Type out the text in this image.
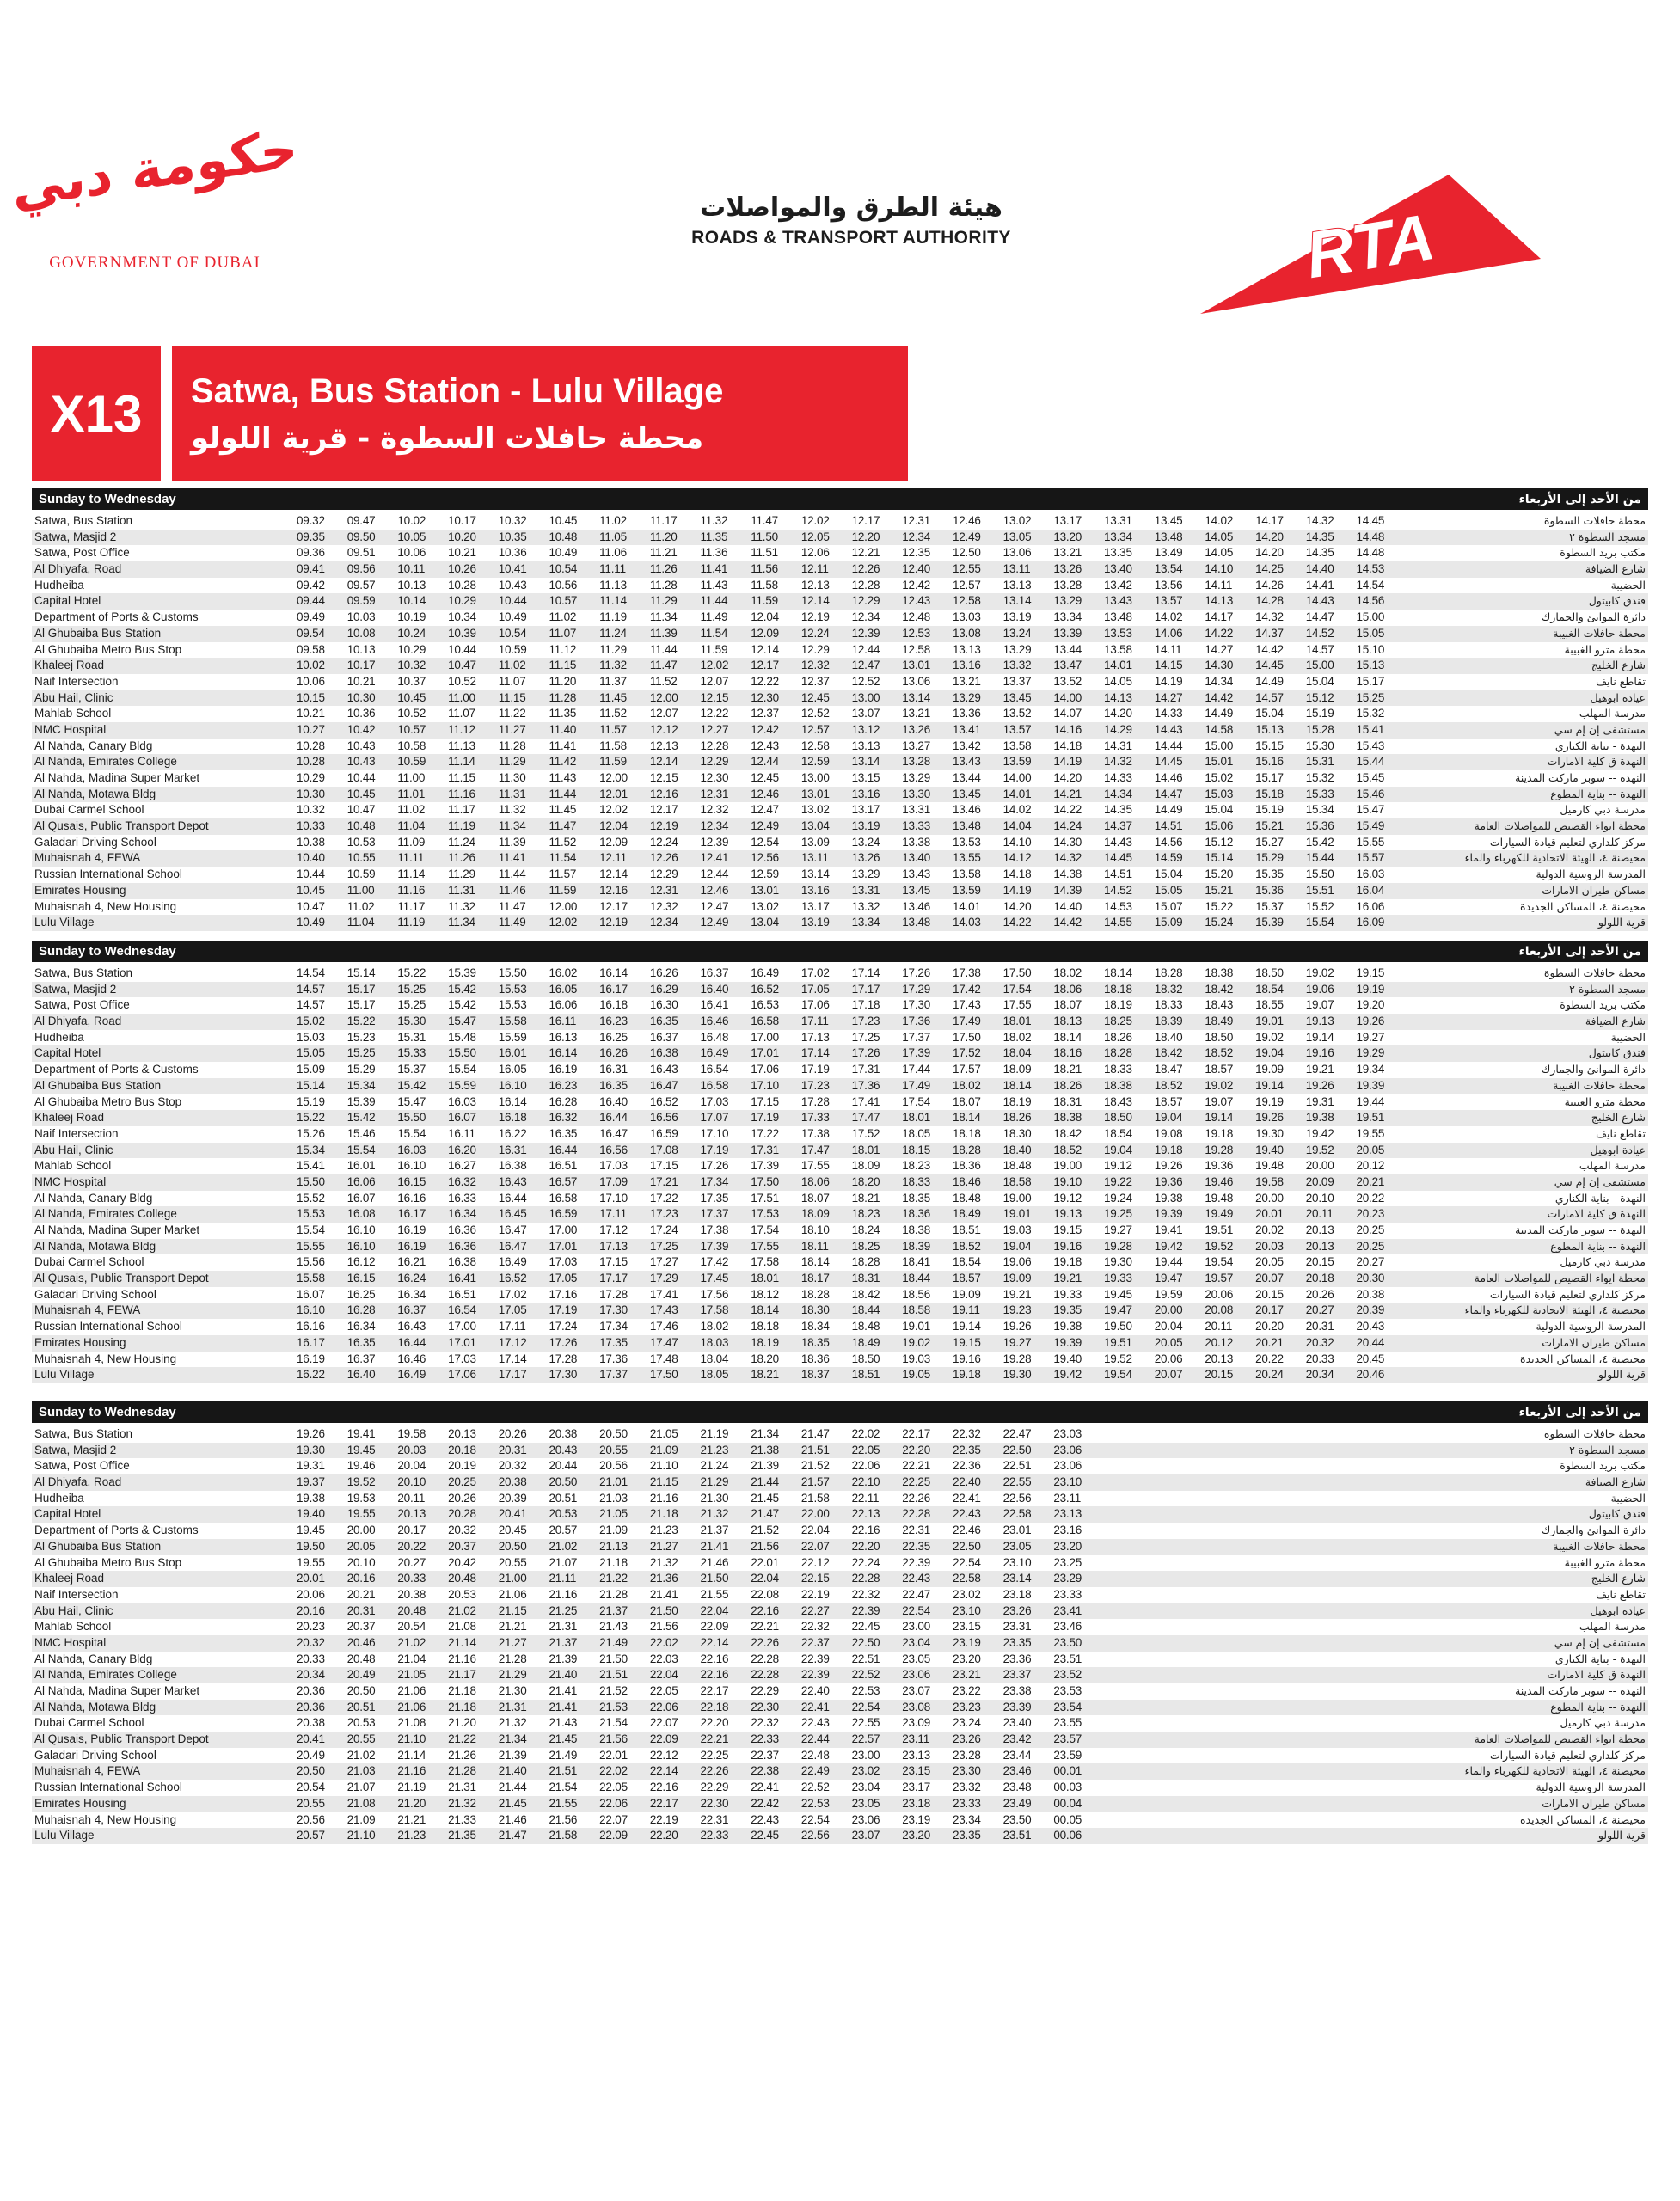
حكومة دبي
GOVERNMENT OF DUBAI
هيئة الطرق والمواصلات
ROADS & TRANSPORT AUTHORITY	RTA
X13	Satwa, Bus Station - Lulu Village
محطة حافلات السطوة - قرية اللولو
Sunday to Wednesday	من الأحد إلى الأربعاء
Satwa, Bus Station	09.32	09.47	10.02	10.17	10.32	10.45	11.02	11.17	11.32	11.47	12.02	12.17	12.31	12.46	13.02	13.17	13.31	13.45	14.02	14.17	14.32	14.45	محطة حافلات السطوة
Satwa, Masjid 2	09.35	09.50	10.05	10.20	10.35	10.48	11.05	11.20	11.35	11.50	12.05	12.20	12.34	12.49	13.05	13.20	13.34	13.48	14.05	14.20	14.35	14.48	مسجد السطوة ٢
Satwa, Post Office	09.36	09.51	10.06	10.21	10.36	10.49	11.06	11.21	11.36	11.51	12.06	12.21	12.35	12.50	13.06	13.21	13.35	13.49	14.05	14.20	14.35	14.48	مكتب بريد السطوة
Al Dhiyafa, Road	09.41	09.56	10.11	10.26	10.41	10.54	11.11	11.26	11.41	11.56	12.11	12.26	12.40	12.55	13.11	13.26	13.40	13.54	14.10	14.25	14.40	14.53	شارع الضيافة
Hudheiba	09.42	09.57	10.13	10.28	10.43	10.56	11.13	11.28	11.43	11.58	12.13	12.28	12.42	12.57	13.13	13.28	13.42	13.56	14.11	14.26	14.41	14.54	الحضيبة
Capital Hotel	09.44	09.59	10.14	10.29	10.44	10.57	11.14	11.29	11.44	11.59	12.14	12.29	12.43	12.58	13.14	13.29	13.43	13.57	14.13	14.28	14.43	14.56	فندق كابيتول
Department of Ports & Customs	09.49	10.03	10.19	10.34	10.49	11.02	11.19	11.34	11.49	12.04	12.19	12.34	12.48	13.03	13.19	13.34	13.48	14.02	14.17	14.32	14.47	15.00	دائرة الموانئ والجمارك
Al Ghubaiba Bus Station	09.54	10.08	10.24	10.39	10.54	11.07	11.24	11.39	11.54	12.09	12.24	12.39	12.53	13.08	13.24	13.39	13.53	14.06	14.22	14.37	14.52	15.05	محطة حافلات الغبيبة
Al Ghubaiba Metro Bus Stop	09.58	10.13	10.29	10.44	10.59	11.12	11.29	11.44	11.59	12.14	12.29	12.44	12.58	13.13	13.29	13.44	13.58	14.11	14.27	14.42	14.57	15.10	محطة مترو الغبيبة
Khaleej Road	10.02	10.17	10.32	10.47	11.02	11.15	11.32	11.47	12.02	12.17	12.32	12.47	13.01	13.16	13.32	13.47	14.01	14.15	14.30	14.45	15.00	15.13	شارع الخليج
Naif Intersection	10.06	10.21	10.37	10.52	11.07	11.20	11.37	11.52	12.07	12.22	12.37	12.52	13.06	13.21	13.37	13.52	14.05	14.19	14.34	14.49	15.04	15.17	تقاطع نايف
Abu Hail, Clinic	10.15	10.30	10.45	11.00	11.15	11.28	11.45	12.00	12.15	12.30	12.45	13.00	13.14	13.29	13.45	14.00	14.13	14.27	14.42	14.57	15.12	15.25	عيادة ابوهيل
Mahlab School	10.21	10.36	10.52	11.07	11.22	11.35	11.52	12.07	12.22	12.37	12.52	13.07	13.21	13.36	13.52	14.07	14.20	14.33	14.49	15.04	15.19	15.32	مدرسة المهلب
NMC Hospital	10.27	10.42	10.57	11.12	11.27	11.40	11.57	12.12	12.27	12.42	12.57	13.12	13.26	13.41	13.57	14.16	14.29	14.43	14.58	15.13	15.28	15.41	مستشفى إن إم سي
Al Nahda, Canary Bldg	10.28	10.43	10.58	11.13	11.28	11.41	11.58	12.13	12.28	12.43	12.58	13.13	13.27	13.42	13.58	14.18	14.31	14.44	15.00	15.15	15.30	15.43	النهدة - بناية الكناري
Al Nahda, Emirates College	10.28	10.43	10.59	11.14	11.29	11.42	11.59	12.14	12.29	12.44	12.59	13.14	13.28	13.43	13.59	14.19	14.32	14.45	15.01	15.16	15.31	15.44	النهدة ق كلية الامارات
Al Nahda, Madina Super Market	10.29	10.44	11.00	11.15	11.30	11.43	12.00	12.15	12.30	12.45	13.00	13.15	13.29	13.44	14.00	14.20	14.33	14.46	15.02	15.17	15.32	15.45	النهدة -- سوبر ماركت المدينة
Al Nahda, Motawa Bldg	10.30	10.45	11.01	11.16	11.31	11.44	12.01	12.16	12.31	12.46	13.01	13.16	13.30	13.45	14.01	14.21	14.34	14.47	15.03	15.18	15.33	15.46	النهدة -- بناية المطوع
Dubai Carmel School	10.32	10.47	11.02	11.17	11.32	11.45	12.02	12.17	12.32	12.47	13.02	13.17	13.31	13.46	14.02	14.22	14.35	14.49	15.04	15.19	15.34	15.47	مدرسة دبي كارميل
Al Qusais, Public Transport Depot	10.33	10.48	11.04	11.19	11.34	11.47	12.04	12.19	12.34	12.49	13.04	13.19	13.33	13.48	14.04	14.24	14.37	14.51	15.06	15.21	15.36	15.49	محطة ايواء القصيص للمواصلات العامة
Galadari Driving School	10.38	10.53	11.09	11.24	11.39	11.52	12.09	12.24	12.39	12.54	13.09	13.24	13.38	13.53	14.10	14.30	14.43	14.56	15.12	15.27	15.42	15.55	مركز كلداري لتعليم قيادة السيارات
Muhaisnah 4, FEWA	10.40	10.55	11.11	11.26	11.41	11.54	12.11	12.26	12.41	12.56	13.11	13.26	13.40	13.55	14.12	14.32	14.45	14.59	15.14	15.29	15.44	15.57	محيصنة ٤، الهيئة الاتحادية للكهرباء والماء
Russian International School	10.44	10.59	11.14	11.29	11.44	11.57	12.14	12.29	12.44	12.59	13.14	13.29	13.43	13.58	14.18	14.38	14.51	15.04	15.20	15.35	15.50	16.03	المدرسة الروسية الدولية
Emirates Housing	10.45	11.00	11.16	11.31	11.46	11.59	12.16	12.31	12.46	13.01	13.16	13.31	13.45	13.59	14.19	14.39	14.52	15.05	15.21	15.36	15.51	16.04	مساكن طيران الامارات
Muhaisnah 4, New Housing	10.47	11.02	11.17	11.32	11.47	12.00	12.17	12.32	12.47	13.02	13.17	13.32	13.46	14.01	14.20	14.40	14.53	15.07	15.22	15.37	15.52	16.06	محيصنة ٤، المساكن الجديدة
Lulu Village	10.49	11.04	11.19	11.34	11.49	12.02	12.19	12.34	12.49	13.04	13.19	13.34	13.48	14.03	14.22	14.42	14.55	15.09	15.24	15.39	15.54	16.09	قرية اللولو
Sunday to Wednesday	من الأحد إلى الأربعاء
Satwa, Bus Station	14.54	15.14	15.22	15.39	15.50	16.02	16.14	16.26	16.37	16.49	17.02	17.14	17.26	17.38	17.50	18.02	18.14	18.28	18.38	18.50	19.02	19.15	محطة حافلات السطوة
Satwa, Masjid 2	14.57	15.17	15.25	15.42	15.53	16.05	16.17	16.29	16.40	16.52	17.05	17.17	17.29	17.42	17.54	18.06	18.18	18.32	18.42	18.54	19.06	19.19	مسجد السطوة ٢
Satwa, Post Office	14.57	15.17	15.25	15.42	15.53	16.06	16.18	16.30	16.41	16.53	17.06	17.18	17.30	17.43	17.55	18.07	18.19	18.33	18.43	18.55	19.07	19.20	مكتب بريد السطوة
Al Dhiyafa, Road	15.02	15.22	15.30	15.47	15.58	16.11	16.23	16.35	16.46	16.58	17.11	17.23	17.36	17.49	18.01	18.13	18.25	18.39	18.49	19.01	19.13	19.26	شارع الضيافة
Hudheiba	15.03	15.23	15.31	15.48	15.59	16.13	16.25	16.37	16.48	17.00	17.13	17.25	17.37	17.50	18.02	18.14	18.26	18.40	18.50	19.02	19.14	19.27	الحضيبة
Capital Hotel	15.05	15.25	15.33	15.50	16.01	16.14	16.26	16.38	16.49	17.01	17.14	17.26	17.39	17.52	18.04	18.16	18.28	18.42	18.52	19.04	19.16	19.29	فندق كابيتول
Department of Ports & Customs	15.09	15.29	15.37	15.54	16.05	16.19	16.31	16.43	16.54	17.06	17.19	17.31	17.44	17.57	18.09	18.21	18.33	18.47	18.57	19.09	19.21	19.34	دائرة الموانئ والجمارك
Al Ghubaiba Bus Station	15.14	15.34	15.42	15.59	16.10	16.23	16.35	16.47	16.58	17.10	17.23	17.36	17.49	18.02	18.14	18.26	18.38	18.52	19.02	19.14	19.26	19.39	محطة حافلات الغبيبة
Al Ghubaiba Metro Bus Stop	15.19	15.39	15.47	16.03	16.14	16.28	16.40	16.52	17.03	17.15	17.28	17.41	17.54	18.07	18.19	18.31	18.43	18.57	19.07	19.19	19.31	19.44	محطة مترو الغبيبة
Khaleej Road	15.22	15.42	15.50	16.07	16.18	16.32	16.44	16.56	17.07	17.19	17.33	17.47	18.01	18.14	18.26	18.38	18.50	19.04	19.14	19.26	19.38	19.51	شارع الخليج
Naif Intersection	15.26	15.46	15.54	16.11	16.22	16.35	16.47	16.59	17.10	17.22	17.38	17.52	18.05	18.18	18.30	18.42	18.54	19.08	19.18	19.30	19.42	19.55	تقاطع نايف
Abu Hail, Clinic	15.34	15.54	16.03	16.20	16.31	16.44	16.56	17.08	17.19	17.31	17.47	18.01	18.15	18.28	18.40	18.52	19.04	19.18	19.28	19.40	19.52	20.05	عيادة ابوهيل
Mahlab School	15.41	16.01	16.10	16.27	16.38	16.51	17.03	17.15	17.26	17.39	17.55	18.09	18.23	18.36	18.48	19.00	19.12	19.26	19.36	19.48	20.00	20.12	مدرسة المهلب
NMC Hospital	15.50	16.06	16.15	16.32	16.43	16.57	17.09	17.21	17.34	17.50	18.06	18.20	18.33	18.46	18.58	19.10	19.22	19.36	19.46	19.58	20.09	20.21	مستشفى إن إم سي
Al Nahda, Canary Bldg	15.52	16.07	16.16	16.33	16.44	16.58	17.10	17.22	17.35	17.51	18.07	18.21	18.35	18.48	19.00	19.12	19.24	19.38	19.48	20.00	20.10	20.22	النهدة - بناية الكناري
Al Nahda, Emirates College	15.53	16.08	16.17	16.34	16.45	16.59	17.11	17.23	17.37	17.53	18.09	18.23	18.36	18.49	19.01	19.13	19.25	19.39	19.49	20.01	20.11	20.23	النهدة ق كلية الامارات
Al Nahda, Madina Super Market	15.54	16.10	16.19	16.36	16.47	17.00	17.12	17.24	17.38	17.54	18.10	18.24	18.38	18.51	19.03	19.15	19.27	19.41	19.51	20.02	20.13	20.25	النهدة -- سوبر ماركت المدينة
Al Nahda, Motawa Bldg	15.55	16.10	16.19	16.36	16.47	17.01	17.13	17.25	17.39	17.55	18.11	18.25	18.39	18.52	19.04	19.16	19.28	19.42	19.52	20.03	20.13	20.25	النهدة -- بناية المطوع
Dubai Carmel School	15.56	16.12	16.21	16.38	16.49	17.03	17.15	17.27	17.42	17.58	18.14	18.28	18.41	18.54	19.06	19.18	19.30	19.44	19.54	20.05	20.15	20.27	مدرسة دبي كارميل
Al Qusais, Public Transport Depot	15.58	16.15	16.24	16.41	16.52	17.05	17.17	17.29	17.45	18.01	18.17	18.31	18.44	18.57	19.09	19.21	19.33	19.47	19.57	20.07	20.18	20.30	محطة ايواء القصيص للمواصلات العامة
Galadari Driving School	16.07	16.25	16.34	16.51	17.02	17.16	17.28	17.41	17.56	18.12	18.28	18.42	18.56	19.09	19.21	19.33	19.45	19.59	20.06	20.15	20.26	20.38	مركز كلداري لتعليم قيادة السيارات
Muhaisnah 4, FEWA	16.10	16.28	16.37	16.54	17.05	17.19	17.30	17.43	17.58	18.14	18.30	18.44	18.58	19.11	19.23	19.35	19.47	20.00	20.08	20.17	20.27	20.39	محيصنة ٤، الهيئة الاتحادية للكهرباء والماء
Russian International School	16.16	16.34	16.43	17.00	17.11	17.24	17.34	17.46	18.02	18.18	18.34	18.48	19.01	19.14	19.26	19.38	19.50	20.04	20.11	20.20	20.31	20.43	المدرسة الروسية الدولية
Emirates Housing	16.17	16.35	16.44	17.01	17.12	17.26	17.35	17.47	18.03	18.19	18.35	18.49	19.02	19.15	19.27	19.39	19.51	20.05	20.12	20.21	20.32	20.44	مساكن طيران الامارات
Muhaisnah 4, New Housing	16.19	16.37	16.46	17.03	17.14	17.28	17.36	17.48	18.04	18.20	18.36	18.50	19.03	19.16	19.28	19.40	19.52	20.06	20.13	20.22	20.33	20.45	محيصنة ٤، المساكن الجديدة
Lulu Village	16.22	16.40	16.49	17.06	17.17	17.30	17.37	17.50	18.05	18.21	18.37	18.51	19.05	19.18	19.30	19.42	19.54	20.07	20.15	20.24	20.34	20.46	قرية اللولو
Sunday to Wednesday	من الأحد إلى الأربعاء
Satwa, Bus Station	19.26	19.41	19.58	20.13	20.26	20.38	20.50	21.05	21.19	21.34	21.47	22.02	22.17	22.32	22.47	23.03	محطة حافلات السطوة
Satwa, Masjid 2	19.30	19.45	20.03	20.18	20.31	20.43	20.55	21.09	21.23	21.38	21.51	22.05	22.20	22.35	22.50	23.06	مسجد السطوة ٢
Satwa, Post Office	19.31	19.46	20.04	20.19	20.32	20.44	20.56	21.10	21.24	21.39	21.52	22.06	22.21	22.36	22.51	23.06	مكتب بريد السطوة
Al Dhiyafa, Road	19.37	19.52	20.10	20.25	20.38	20.50	21.01	21.15	21.29	21.44	21.57	22.10	22.25	22.40	22.55	23.10	شارع الضيافة
Hudheiba	19.38	19.53	20.11	20.26	20.39	20.51	21.03	21.16	21.30	21.45	21.58	22.11	22.26	22.41	22.56	23.11	الحضيبة
Capital Hotel	19.40	19.55	20.13	20.28	20.41	20.53	21.05	21.18	21.32	21.47	22.00	22.13	22.28	22.43	22.58	23.13	فندق كابيتول
Department of Ports & Customs	19.45	20.00	20.17	20.32	20.45	20.57	21.09	21.23	21.37	21.52	22.04	22.16	22.31	22.46	23.01	23.16	دائرة الموانئ والجمارك
Al Ghubaiba Bus Station	19.50	20.05	20.22	20.37	20.50	21.02	21.13	21.27	21.41	21.56	22.07	22.20	22.35	22.50	23.05	23.20	محطة حافلات الغبيبة
Al Ghubaiba Metro Bus Stop	19.55	20.10	20.27	20.42	20.55	21.07	21.18	21.32	21.46	22.01	22.12	22.24	22.39	22.54	23.10	23.25	محطة مترو الغبيبة
Khaleej Road	20.01	20.16	20.33	20.48	21.00	21.11	21.22	21.36	21.50	22.04	22.15	22.28	22.43	22.58	23.14	23.29	شارع الخليج
Naif Intersection	20.06	20.21	20.38	20.53	21.06	21.16	21.28	21.41	21.55	22.08	22.19	22.32	22.47	23.02	23.18	23.33	تقاطع نايف
Abu Hail, Clinic	20.16	20.31	20.48	21.02	21.15	21.25	21.37	21.50	22.04	22.16	22.27	22.39	22.54	23.10	23.26	23.41	عيادة ابوهيل
Mahlab School	20.23	20.37	20.54	21.08	21.21	21.31	21.43	21.56	22.09	22.21	22.32	22.45	23.00	23.15	23.31	23.46	مدرسة المهلب
NMC Hospital	20.32	20.46	21.02	21.14	21.27	21.37	21.49	22.02	22.14	22.26	22.37	22.50	23.04	23.19	23.35	23.50	مستشفى إن إم سي
Al Nahda, Canary Bldg	20.33	20.48	21.04	21.16	21.28	21.39	21.50	22.03	22.16	22.28	22.39	22.51	23.05	23.20	23.36	23.51	النهدة - بناية الكناري
Al Nahda, Emirates College	20.34	20.49	21.05	21.17	21.29	21.40	21.51	22.04	22.16	22.28	22.39	22.52	23.06	23.21	23.37	23.52	النهدة ق كلية الامارات
Al Nahda, Madina Super Market	20.36	20.50	21.06	21.18	21.30	21.41	21.52	22.05	22.17	22.29	22.40	22.53	23.07	23.22	23.38	23.53	النهدة -- سوبر ماركت المدينة
Al Nahda, Motawa Bldg	20.36	20.51	21.06	21.18	21.31	21.41	21.53	22.06	22.18	22.30	22.41	22.54	23.08	23.23	23.39	23.54	النهدة -- بناية المطوع
Dubai Carmel School	20.38	20.53	21.08	21.20	21.32	21.43	21.54	22.07	22.20	22.32	22.43	22.55	23.09	23.24	23.40	23.55	مدرسة دبي كارميل
Al Qusais, Public Transport Depot	20.41	20.55	21.10	21.22	21.34	21.45	21.56	22.09	22.21	22.33	22.44	22.57	23.11	23.26	23.42	23.57	محطة ايواء القصيص للمواصلات العامة
Galadari Driving School	20.49	21.02	21.14	21.26	21.39	21.49	22.01	22.12	22.25	22.37	22.48	23.00	23.13	23.28	23.44	23.59	مركز كلداري لتعليم قيادة السيارات
Muhaisnah 4, FEWA	20.50	21.03	21.16	21.28	21.40	21.51	22.02	22.14	22.26	22.38	22.49	23.02	23.15	23.30	23.46	00.01	محيصنة ٤، الهيئة الاتحادية للكهرباء والماء
Russian International School	20.54	21.07	21.19	21.31	21.44	21.54	22.05	22.16	22.29	22.41	22.52	23.04	23.17	23.32	23.48	00.03	المدرسة الروسية الدولية
Emirates Housing	20.55	21.08	21.20	21.32	21.45	21.55	22.06	22.17	22.30	22.42	22.53	23.05	23.18	23.33	23.49	00.04	مساكن طيران الامارات
Muhaisnah 4, New Housing	20.56	21.09	21.21	21.33	21.46	21.56	22.07	22.19	22.31	22.43	22.54	23.06	23.19	23.34	23.50	00.05	محيصنة ٤، المساكن الجديدة
Lulu Village	20.57	21.10	21.23	21.35	21.47	21.58	22.09	22.20	22.33	22.45	22.56	23.07	23.20	23.35	23.51	00.06	قرية اللولو
